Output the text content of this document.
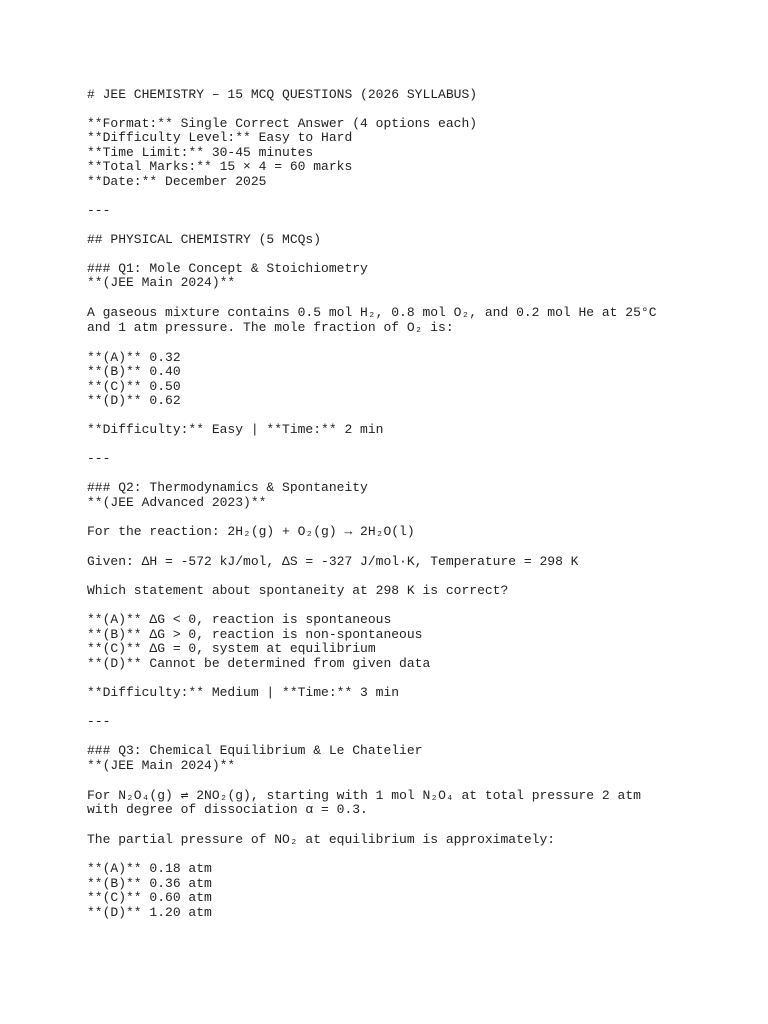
# JEE CHEMISTRY – 15 MCQ QUESTIONS (2026 SYLLABUS)
**Format:** Single Correct Answer (4 options each)
**Difficulty Level:** Easy to Hard
**Time Limit:** 30-45 minutes
**Total Marks:** 15 × 4 = 60 marks
**Date:** December 2025
---
## PHYSICAL CHEMISTRY (5 MCQs)
### Q1: Mole Concept & Stoichiometry
**(JEE Main 2024)**
A gaseous mixture contains 0.5 mol H₂, 0.8 mol O₂, and 0.2 mol He at 25°C
and 1 atm pressure. The mole fraction of O₂ is:
**(A)** 0.32
**(B)** 0.40
**(C)** 0.50
**(D)** 0.62
**Difficulty:** Easy | **Time:** 2 min
---
### Q2: Thermodynamics & Spontaneity
**(JEE Advanced 2023)**
For the reaction: 2H₂(g) + O₂(g) → 2H₂O(l)
Given: ΔH = -572 kJ/mol, ΔS = -327 J/mol·K, Temperature = 298 K
Which statement about spontaneity at 298 K is correct?
**(A)** ΔG < 0, reaction is spontaneous
**(B)** ΔG > 0, reaction is non-spontaneous
**(C)** ΔG = 0, system at equilibrium
**(D)** Cannot be determined from given data
**Difficulty:** Medium | **Time:** 3 min
---
### Q3: Chemical Equilibrium & Le Chatelier
**(JEE Main 2024)**
For N₂O₄(g) ⇌ 2NO₂(g), starting with 1 mol N₂O₄ at total pressure 2 atm
with degree of dissociation α = 0.3.
The partial pressure of NO₂ at equilibrium is approximately:
**(A)** 0.18 atm
**(B)** 0.36 atm
**(C)** 0.60 atm
**(D)** 1.20 atm
